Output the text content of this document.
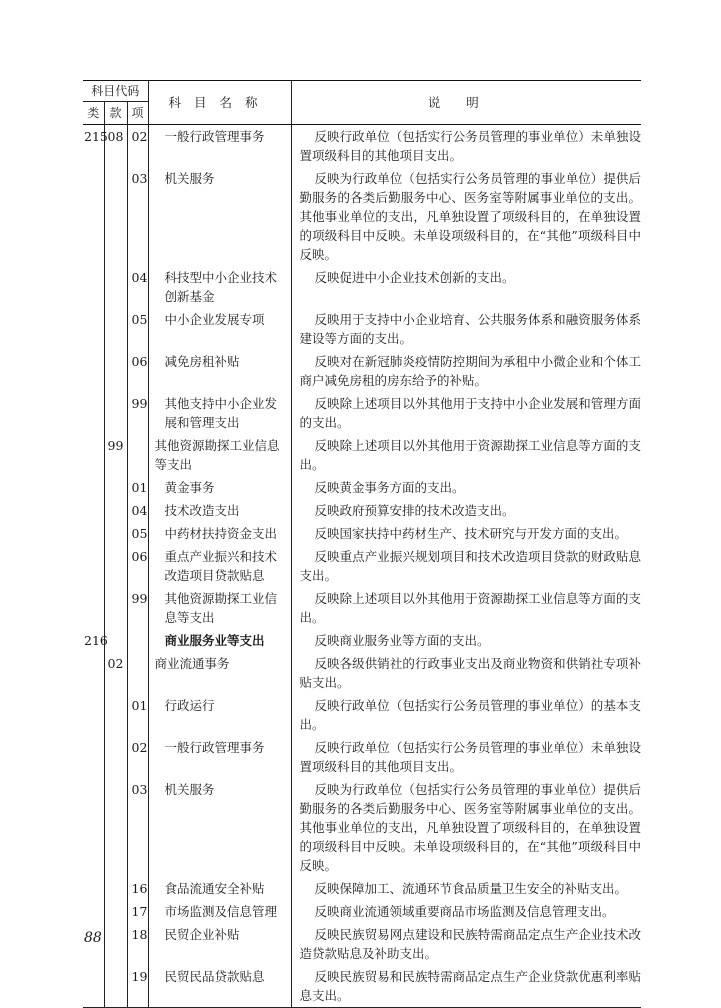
科目代码			科目名称	说明
类	款	项		
215	08	02	一般行政管理事务	反映行政单位（包括实行公务员管理的事业单位）未单独设置项级科目的其他项目支出。
		03	机关服务	反映为行政单位（包括实行公务员管理的事业单位）提供后勤服务的各类后勤服务中心、医务室等附属事业单位的支出。其他事业单位的支出，凡单独设置了项级科目的，在单独设置的项级科目中反映。未单设项级科目的，在“其他”项级科目中反映。
		04	科技型中小企业技术创新基金	反映促进中小企业技术创新的支出。
		05	中小企业发展专项	反映用于支持中小企业培育、公共服务体系和融资服务体系建设等方面的支出。
		06	减免房租补贴	反映对在新冠肺炎疫情防控期间为承租中小微企业和个体工商户减免房租的房东给予的补贴。
		99	其他支持中小企业发展和管理支出	反映除上述项目以外其他用于支持中小企业发展和管理方面的支出。
	99		其他资源勘探工业信息等支出	反映除上述项目以外其他用于资源勘探工业信息等方面的支出。
		01	黄金事务	反映黄金事务方面的支出。
		04	技术改造支出	反映政府预算安排的技术改造支出。
		05	中药材扶持资金支出	反映国家扶持中药材生产、技术研究与开发方面的支出。
		06	重点产业振兴和技术改造项目贷款贴息	反映重点产业振兴规划项目和技术改造项目贷款的财政贴息支出。
		99	其他资源勘探工业信息等支出	反映除上述项目以外其他用于资源勘探工业信息等方面的支出。
216			商业服务业等支出	反映商业服务业等方面的支出。
	02		商业流通事务	反映各级供销社的行政事业支出及商业物资和供销社专项补贴支出。
		01	行政运行	反映行政单位（包括实行公务员管理的事业单位）的基本支出。
		02	一般行政管理事务	反映行政单位（包括实行公务员管理的事业单位）未单独设置项级科目的其他项目支出。
		03	机关服务	反映为行政单位（包括实行公务员管理的事业单位）提供后勤服务的各类后勤服务中心、医务室等附属事业单位的支出。其他事业单位的支出，凡单独设置了项级科目的，在单独设置的项级科目中反映。未单设项级科目的，在“其他”项级科目中反映。
		16	食品流通安全补贴	反映保障加工、流通环节食品质量卫生安全的补贴支出。
		17	市场监测及信息管理	反映商业流通领域重要商品市场监测及信息管理支出。
		18	民贸企业补贴	反映民族贸易网点建设和民族特需商品定点生产企业技术改造贷款贴息及补助支出。
		19	民贸民品贷款贴息	反映民族贸易和民族特需商品定点生产企业贷款优惠利率贴息支出。
88
